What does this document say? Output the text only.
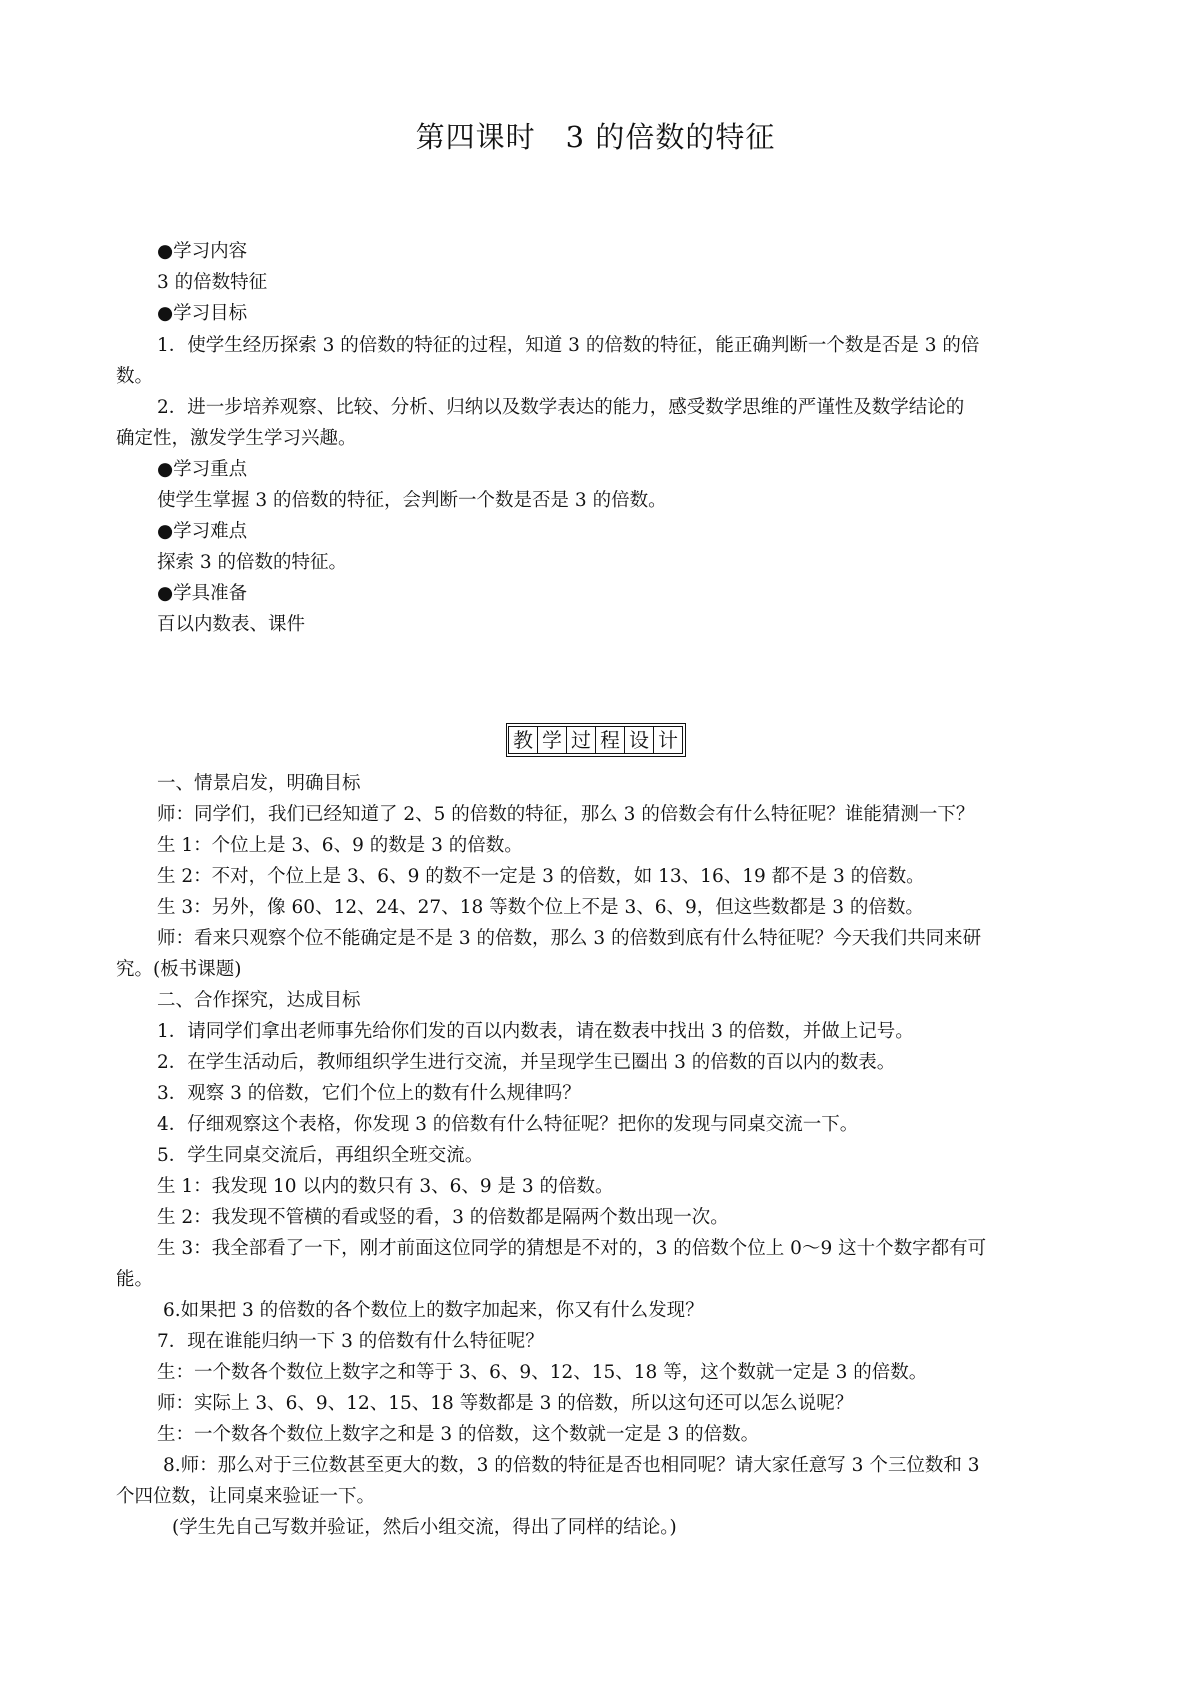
第四课时　3 的倍数的特征
●学习内容
3 的倍数特征
●学习目标
1．使学生经历探索 3 的倍数的特征的过程，知道 3 的倍数的特征，能正确判断一个数是否是 3 的倍
数。
2．进一步培养观察、比较、分析、归纳以及数学表达的能力，感受数学思维的严谨性及数学结论的
确定性，激发学生学习兴趣。
●学习重点
使学生掌握 3 的倍数的特征，会判断一个数是否是 3 的倍数。
●学习难点
探索 3 的倍数的特征。
●学具准备
百以内数表、课件
教 学 过 程 设 计
一、情景启发，明确目标
师：同学们，我们已经知道了 2、5 的倍数的特征，那么 3 的倍数会有什么特征呢？谁能猜测一下？
生 1：个位上是 3、6、9 的数是 3 的倍数。
生 2：不对，个位上是 3、6、9 的数不一定是 3 的倍数，如 13、16、19 都不是 3 的倍数。
生 3：另外，像 60、12、24、27、18 等数个位上不是 3、6、9，但这些数都是 3 的倍数。
师：看来只观察个位不能确定是不是 3 的倍数，那么 3 的倍数到底有什么特征呢？今天我们共同来研
究。(板书课题)
二、合作探究，达成目标
1．请同学们拿出老师事先给你们发的百以内数表，请在数表中找出 3 的倍数，并做上记号。
2．在学生活动后，教师组织学生进行交流，并呈现学生已圈出 3 的倍数的百以内的数表。
3．观察 3 的倍数，它们个位上的数有什么规律吗？
4．仔细观察这个表格，你发现 3 的倍数有什么特征呢？把你的发现与同桌交流一下。
5．学生同桌交流后，再组织全班交流。
生 1：我发现 10 以内的数只有 3、6、9 是 3 的倍数。
生 2：我发现不管横的看或竖的看，3 的倍数都是隔两个数出现一次。
生 3：我全部看了一下，刚才前面这位同学的猜想是不对的，3 的倍数个位上 0～9 这十个数字都有可
能。
6.如果把 3 的倍数的各个数位上的数字加起来，你又有什么发现？
7．现在谁能归纳一下 3 的倍数有什么特征呢？
生：一个数各个数位上数字之和等于 3、6、9、12、15、18 等，这个数就一定是 3 的倍数。
师：实际上 3、6、9、12、15、18 等数都是 3 的倍数，所以这句还可以怎么说呢？
生：一个数各个数位上数字之和是 3 的倍数，这个数就一定是 3 的倍数。
8.师：那么对于三位数甚至更大的数，3 的倍数的特征是否也相同呢？请大家任意写 3 个三位数和 3
个四位数，让同桌来验证一下。
(学生先自己写数并验证，然后小组交流，得出了同样的结论。)
